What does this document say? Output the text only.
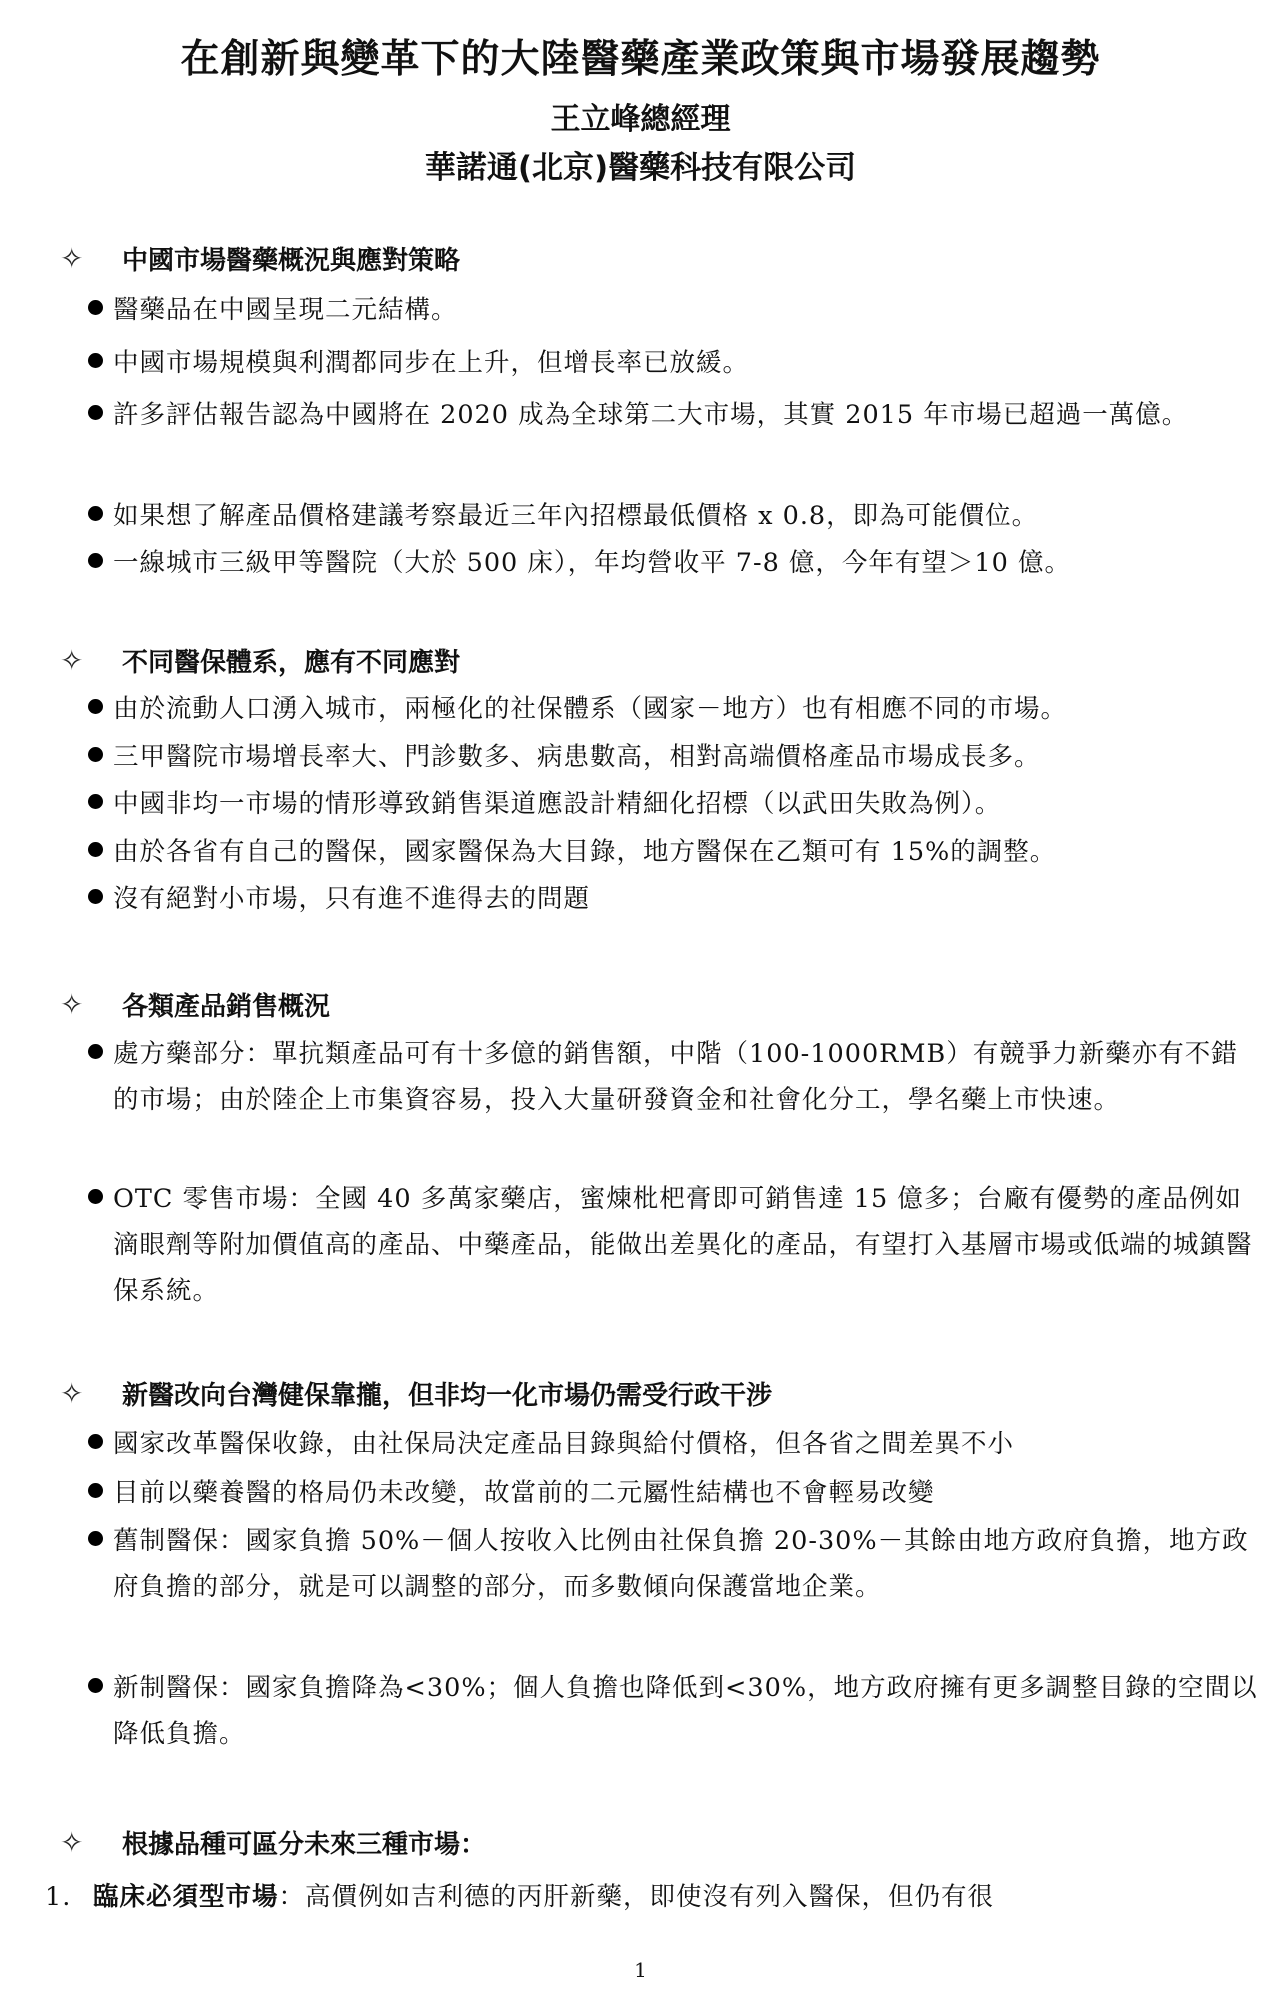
在創新與變革下的大陸醫藥產業政策與市場發展趨勢
王立峰總經理
華諾通(北京)醫藥科技有限公司
✧	中國市場醫藥概況與應對策略
醫藥品在中國呈現二元結構。
中國市場規模與利潤都同步在上升，但增長率已放緩。
許多評估報告認為中國將在 2020 成為全球第二大市場，其實 2015 年市場已超過一萬億。
如果想了解產品價格建議考察最近三年內招標最低價格 x 0.8，即為可能價位。
一線城市三級甲等醫院（大於 500 床），年均營收平 7-8 億，今年有望＞10 億。
✧	不同醫保體系，應有不同應對
由於流動人口湧入城市，兩極化的社保體系（國家－地方）也有相應不同的市場。
三甲醫院市場增長率大、門診數多、病患數高，相對高端價格產品市場成長多。
中國非均一市場的情形導致銷售渠道應設計精細化招標（以武田失敗為例）。
由於各省有自己的醫保，國家醫保為大目錄，地方醫保在乙類可有 15%的調整。
沒有絕對小市場，只有進不進得去的問題
✧	各類產品銷售概況
處方藥部分：單抗類產品可有十多億的銷售額，中階（100-1000RMB）有競爭力新藥亦有不錯的市場；由於陸企上市集資容易，投入大量研發資金和社會化分工，學名藥上市快速。
OTC 零售市場：全國 40 多萬家藥店，蜜煉枇杷膏即可銷售達 15 億多；台廠有優勢的產品例如滴眼劑等附加價值高的產品、中藥產品，能做出差異化的產品，有望打入基層市場或低端的城鎮醫保系統。
✧	新醫改向台灣健保靠攏，但非均一化市場仍需受行政干涉
國家改革醫保收錄，由社保局決定產品目錄與給付價格，但各省之間差異不小
目前以藥養醫的格局仍未改變，故當前的二元屬性結構也不會輕易改變
舊制醫保：國家負擔 50%－個人按收入比例由社保負擔 20-30%－其餘由地方政府負擔，地方政府負擔的部分，就是可以調整的部分，而多數傾向保護當地企業。
新制醫保：國家負擔降為<30%；個人負擔也降低到<30%，地方政府擁有更多調整目錄的空間以降低負擔。
✧	根據品種可區分未來三種市場：
1. 臨床必須型市場：高價例如吉利德的丙肝新藥，即使沒有列入醫保，但仍有很
1
